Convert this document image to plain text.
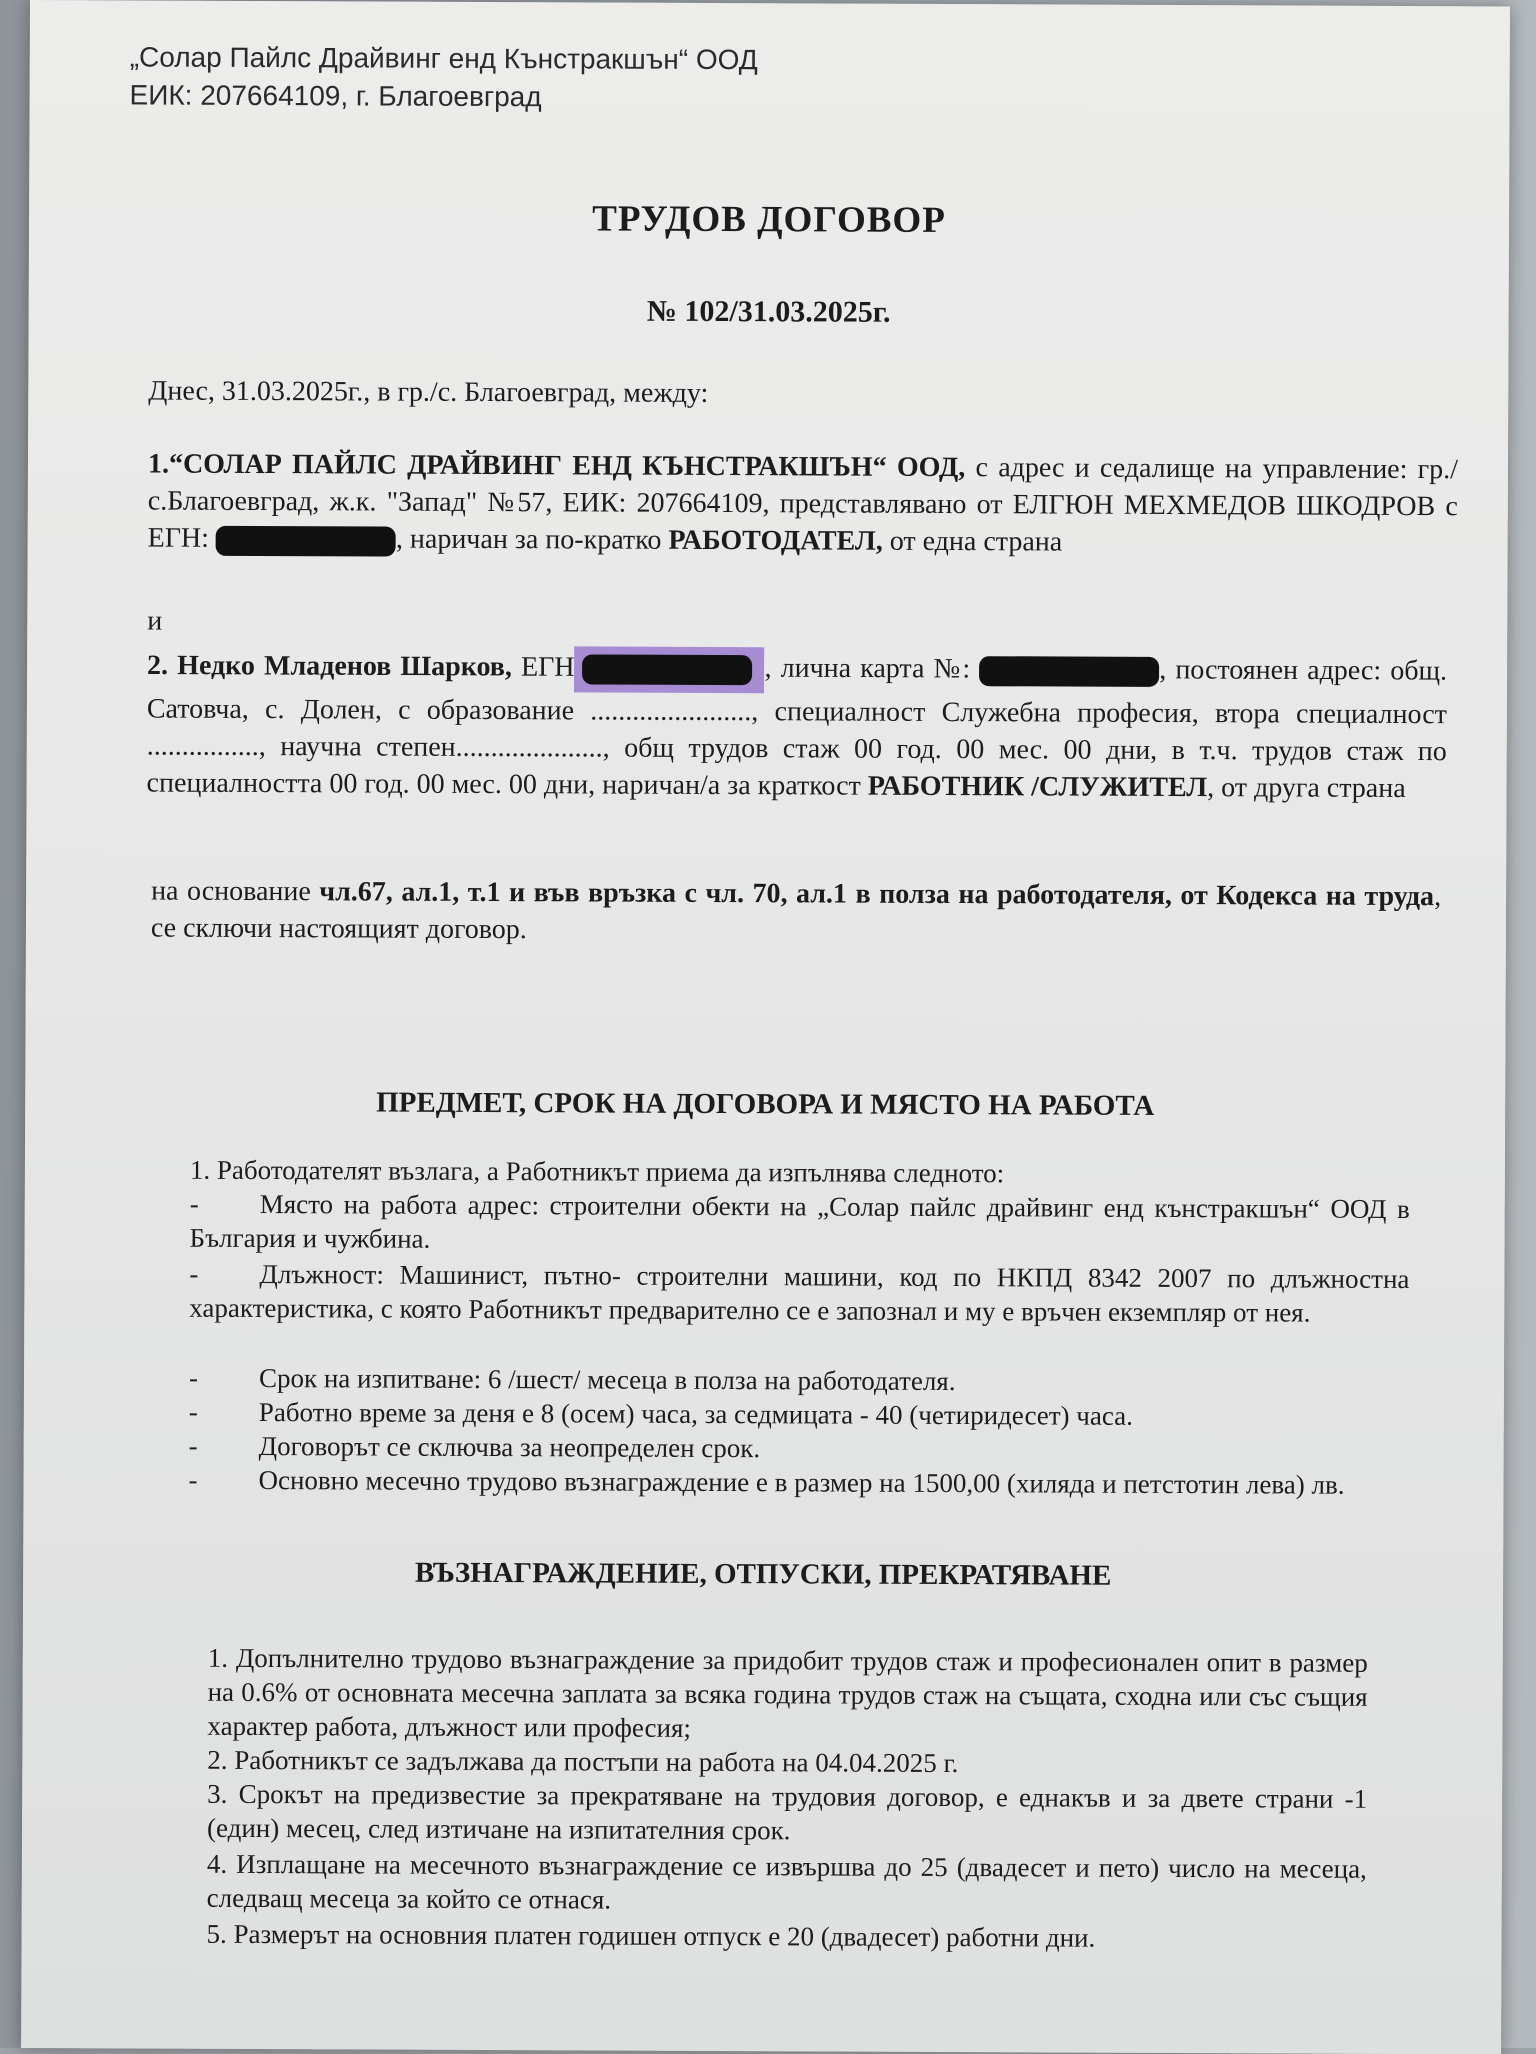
„Солар Пайлс Драйвинг енд Кънстракшън“ ООД
ЕИК: 207664109, г. Благоевград
ТРУДОВ ДОГОВОР
№ 102/31.03.2025г.
Днес, 31.03.2025г., в гр./с. Благоевград, между:
1.“СОЛАР ПАЙЛС ДРАЙВИНГ ЕНД КЪНСТРАКШЪН“ ООД, с адрес и седалище на управление: гр./с.Благоевград, ж.к. "Запад" №57, ЕИК: 207664109, представлявано от ЕЛГЮН МЕХМЕДОВ ШКОДРОВ с ЕГН:	, наричан за по-кратко РАБОТОДАТЕЛ, от една страна
и
2. Недко Младенов Шарков, ЕГН	, лична карта №:	, постоянен адрес: общ. Сатовча, с. Долен, с образование ......................., специалност Служебна професия, втора специалност ................, научна степен....................., общ трудов стаж 00 год. 00 мес. 00 дни, в т.ч. трудов стаж по специалността 00 год. 00 мес. 00 дни, наричан/а за краткост РАБОТНИК /СЛУЖИТЕЛ, от друга страна
на основание чл.67, ал.1, т.1 и във връзка с чл. 70, ал.1 в полза на работодателя, от Кодекса на труда, се сключи настоящият договор.
ПРЕДМЕТ, СРОК НА ДОГОВОРА И МЯСТО НА РАБОТА
1. Работодателят възлага, а Работникът приема да изпълнява следното:
- Място на работа адрес: строителни обекти на „Солар пайлс драйвинг енд кънстракшън“ ООД в България и чужбина.
- Длъжност: Машинист, пътно- строителни машини, код по НКПД 8342 2007 по длъжностна характеристика, с която Работникът предварително се е запознал и му е връчен екземпляр от нея.
- Срок на изпитване: 6 /шест/ месеца в полза на работодателя.
- Работно време за деня е 8 (осем) часа, за седмицата - 40 (четиридесет) часа.
- Договорът се сключва за неопределен срок.
- Основно месечно трудово възнаграждение е в размер на 1500,00 (хиляда и петстотин лева) лв.
ВЪЗНАГРАЖДЕНИЕ, ОТПУСКИ, ПРЕКРАТЯВАНЕ
1. Допълнително трудово възнаграждение за придобит трудов стаж и професионален опит в размер на 0.6% от основната месечна заплата за всяка година трудов стаж на същата, сходна или със същия характер работа, длъжност или професия;
2. Работникът се задължава да постъпи на работа на 04.04.2025 г.
3. Срокът на предизвестие за прекратяване на трудовия договор, е еднакъв и за двете страни -1 (един) месец, след изтичане на изпитателния срок.
4. Изплащане на месечното възнаграждение се извършва до 25 (двадесет и пето) число на месеца, следващ месеца за който се отнася.
5. Размерът на основния платен годишен отпуск е 20 (двадесет) работни дни.
